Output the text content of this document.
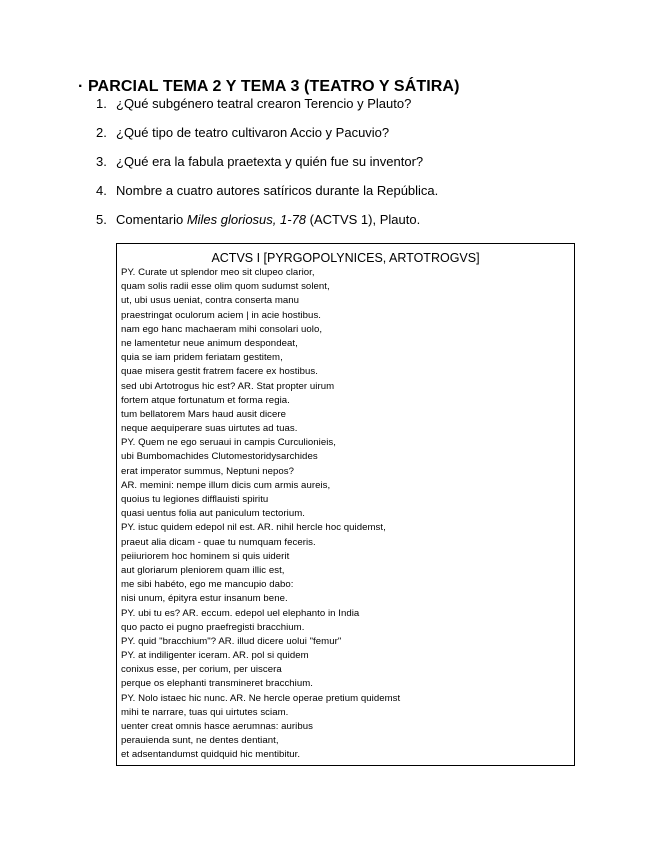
· PARCIAL TEMA 2 Y TEMA 3 (TEATRO Y SÁTIRA)
1. ¿Qué subgénero teatral crearon Terencio y Plauto?
2. ¿Qué tipo de teatro cultivaron Accio y Pacuvio?
3. ¿Qué era la fabula praetexta y quién fue su inventor?
4. Nombre a cuatro autores satíricos durante la República.
5. Comentario Miles gloriosus, 1-78 (ACTVS 1), Plauto.
ACTVS I [PYRGOPOLYNICES, ARTOTROGVS]
PY. Curate ut splendor meo sit clupeo clarior,
quam solis radii esse olim quom sudumst solent,
ut, ubi usus ueniat, contra conserta manu
praestringat oculorum aciem | in acie hostibus.
nam ego hanc machaeram mihi consolari uolo,
ne lamentetur neue animum despondeat,
quia se iam pridem feriatam gestitem,
quae misera gestit fratrem facere ex hostibus.
sed ubi Artotrogus hic est? AR. Stat propter uirum
fortem atque fortunatum et forma regia.
tum bellatorem Mars haud ausit dicere
neque aequiperare suas uirtutes ad tuas.
PY. Quem ne ego seruaui in campis Curculionieis,
ubi Bumbomachides Clutomestoridysarchides
erat imperator summus, Neptuni nepos?
AR. memini: nempe illum dicis cum armis aureis,
quoius tu legiones difflauisti spiritu
quasi uentus folia aut paniculum tectorium.
PY. istuc quidem edepol nil est. AR. nihil hercle hoc quidemst,
praeut alia dicam - quae tu numquam feceris.
peiiuriorem hoc hominem si quis uiderit
aut gloriarum pleniorem quam illic est,
me sibi habéto, ego me mancupio dabo:
nisi unum, épityra estur insanum bene.
PY. ubi tu es? AR. eccum. edepol uel elephanto in India
quo pacto ei pugno praefregisti bracchium.
PY. quid "bracchium"? AR. illud dicere uolui "femur"
PY. at indiligenter iceram. AR. pol si quidem
conixus esse, per corium, per uiscera
perque os elephanti transmineret bracchium.
PY. Nolo istaec hic nunc. AR. Ne hercle operae pretium quidemst
mihi te narrare, tuas qui uirtutes sciam.
uenter creat omnis hasce aerumnas: auribus
perauienda sunt, ne dentes dentiant,
et adsentandumst quidquid hic mentibitur.
